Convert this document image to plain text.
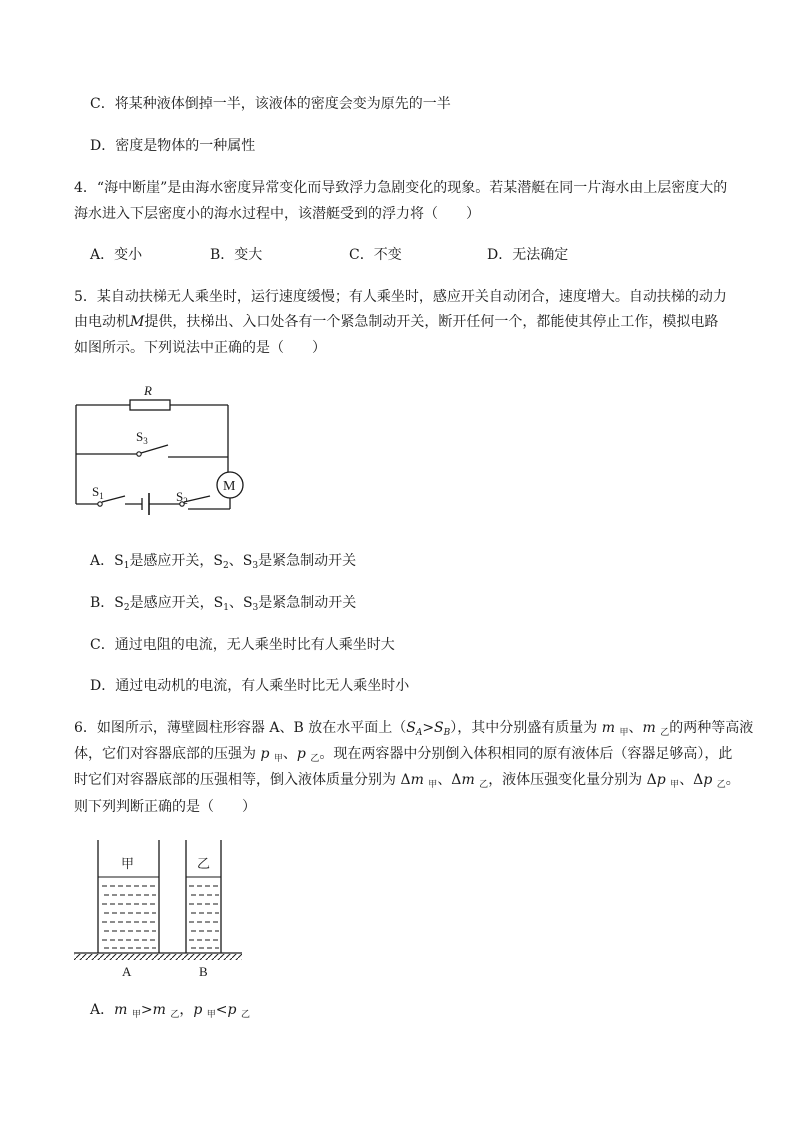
C．将某种液体倒掉一半，该液体的密度会变为原先的一半
D．密度是物体的一种属性
4．“海中断崖”是由海水密度异常变化而导致浮力急剧变化的现象。若某潜艇在同一片海水由上层密度大的
海水进入下层密度小的海水过程中，该潜艇受到的浮力将（　　）
A．变小	B．变大	C．不变	D．无法确定
5．某自动扶梯无人乘坐时，运行速度缓慢；有人乘坐时，感应开关自动闭合，速度增大。自动扶梯的动力
由电动机M提供，扶梯出、入口处各有一个紧急制动开关，断开任何一个，都能使其停止工作，模拟电路
如图所示。下列说法中正确的是（　　）
R
$S_3$
$S_1$	$S_2$
M
A．$S_1$是感应开关，$S_2$、$S_3$是紧急制动开关
B．$S_2$是感应开关，$S_1$、$S_3$是紧急制动开关
C．通过电阻的电流，无人乘坐时比有人乘坐时大
D．通过电动机的电流，有人乘坐时比无人乘坐时小
6．如图所示，薄壁圆柱形容器 A、B 放在水平面上$(S_A>S_B)$，其中分别盛有质量为 m $_甲$、m $_乙$的两种等高液
体，它们对容器底部的压强为 p $_甲$、p $_乙$。现在两容器中分别倒入体积相同的原有液体后（容器足够高），此
时它们对容器底部的压强相等，倒入液体质量分别为 Δm $_甲$、Δm $_乙$，液体压强变化量分别为 Δp $_甲$、Δp $_乙$。
则下列判断正确的是（　　）
甲	乙
A	B
A．m $_甲$>m $_乙$，p $_甲$<p $_乙$
